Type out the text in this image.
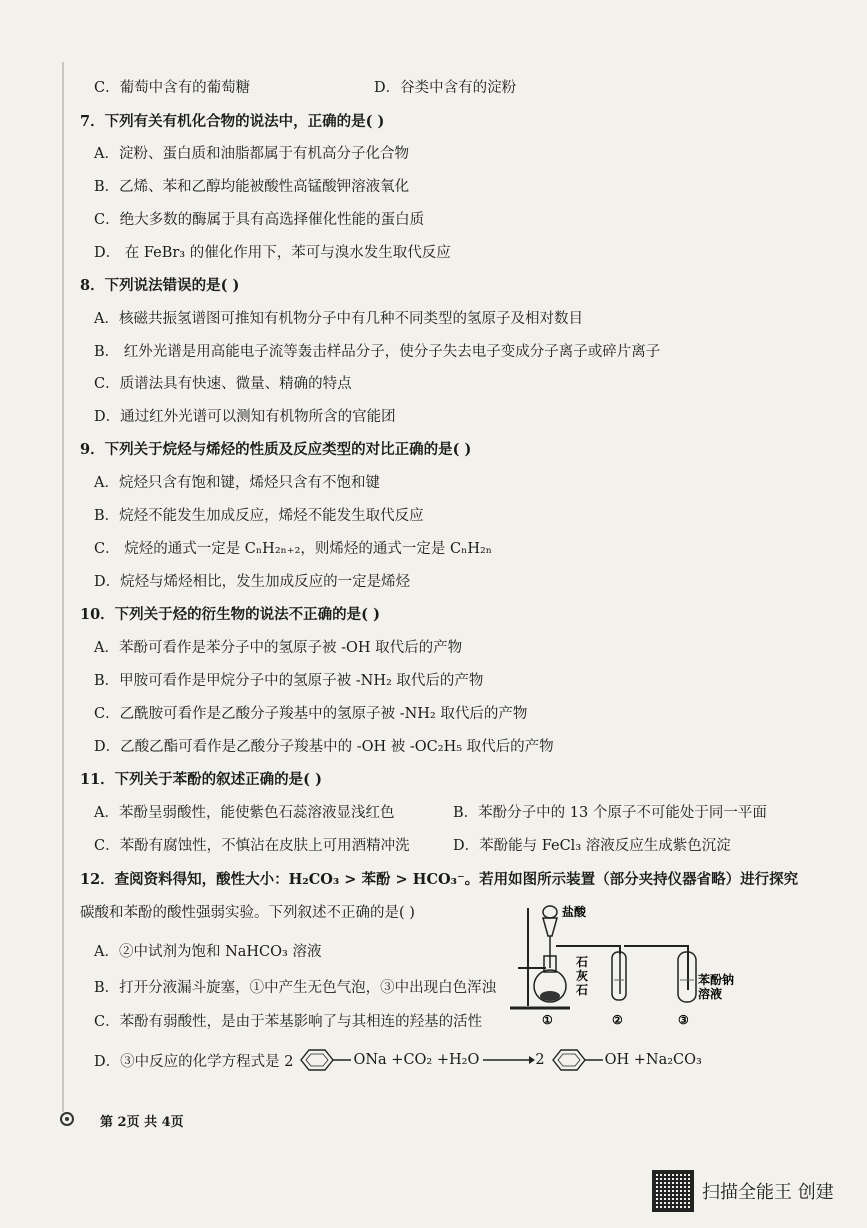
C．葡萄中含有的葡萄糖	D．谷类中含有的淀粉
7．下列有关有机化合物的说法中，正确的是( )
A．淀粉、蛋白质和油脂都属于有机高分子化合物
B．乙烯、苯和乙醇均能被酸性高锰酸钾溶液氧化
C．绝大多数的酶属于具有高选择催化性能的蛋白质
D． 在 FeBr₃ 的催化作用下，苯可与溴水发生取代反应
8．下列说法错误的是( )
A．核磁共振氢谱图可推知有机物分子中有几种不同类型的氢原子及相对数目
B． 红外光谱是用高能电子流等轰击样品分子，使分子失去电子变成分子离子或碎片离子
C．质谱法具有快速、微量、精确的特点
D．通过红外光谱可以测知有机物所含的官能团
9．下列关于烷烃与烯烃的性质及反应类型的对比正确的是( )
A．烷烃只含有饱和键，烯烃只含有不饱和键
B．烷烃不能发生加成反应，烯烃不能发生取代反应
C． 烷烃的通式一定是 CₙH₂ₙ₊₂，则烯烃的通式一定是 CₙH₂ₙ
D．烷烃与烯烃相比，发生加成反应的一定是烯烃
10．下列关于烃的衍生物的说法不正确的是( )
A．苯酚可看作是苯分子中的氢原子被 -OH 取代后的产物
B．甲胺可看作是甲烷分子中的氢原子被 -NH₂ 取代后的产物
C．乙酰胺可看作是乙酸分子羧基中的氢原子被 -NH₂ 取代后的产物
D．乙酸乙酯可看作是乙酸分子羧基中的 -OH 被 -OC₂H₅ 取代后的产物
11．下列关于苯酚的叙述正确的是( )
A．苯酚呈弱酸性，能使紫色石蕊溶液显浅红色	B．苯酚分子中的 13 个原子不可能处于同一平面
C．苯酚有腐蚀性，不慎沾在皮肤上可用酒精冲洗	D．苯酚能与 FeCl₃ 溶液反应生成紫色沉淀
12．查阅资料得知，酸性大小：H₂CO₃ > 苯酚 > HCO₃⁻。若用如图所示装置（部分夹持仪器省略）进行探究
碳酸和苯酚的酸性强弱实验。下列叙述不正确的是( )
A．②中试剂为饱和 NaHCO₃ 溶液
B．打开分液漏斗旋塞，①中产生无色气泡，③中出现白色浑浊
C．苯酚有弱酸性，是由于苯基影响了与其相连的羟基的活性
盐酸
石
灰
石
苯酚钠
溶液
①	②	③
D．③中反应的化学方程式是 2	ONa +CO₂ +H₂O	2	OH +Na₂CO₃
第 2页 共 4页
扫描全能王 创建
